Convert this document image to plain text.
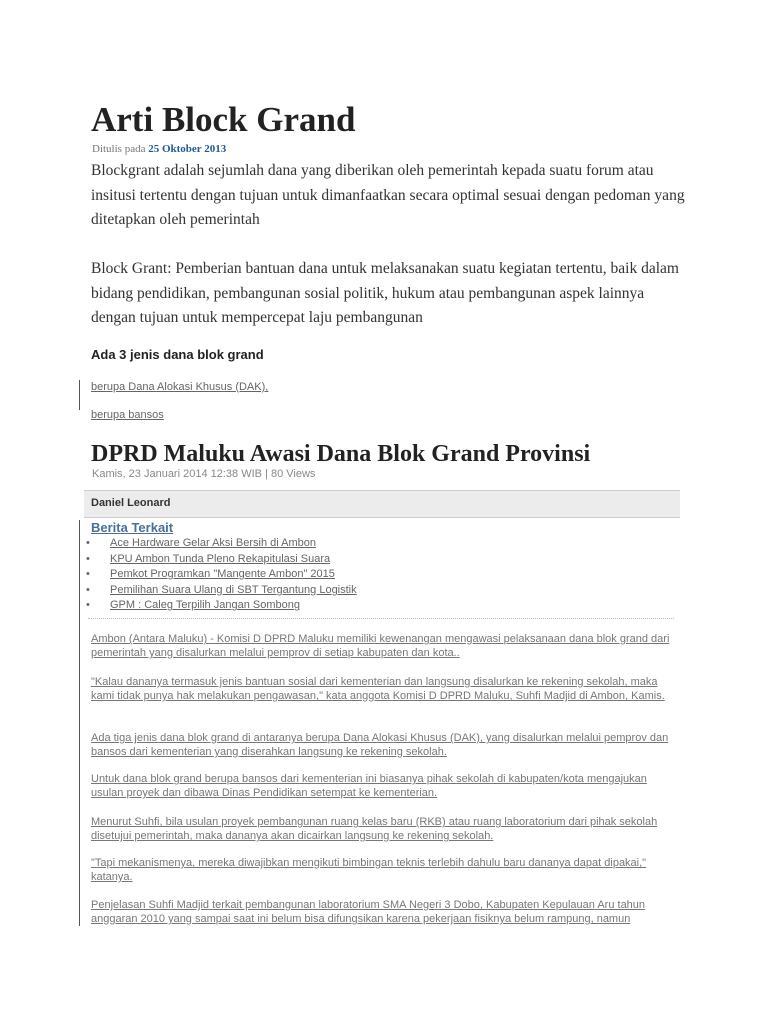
Arti Block Grand
Ditulis pada 25 Oktober 2013

Blockgrant adalah sejumlah dana yang diberikan oleh pemerintah kepada suatu forum atau insitusi tertentu dengan tujuan untuk dimanfaatkan secara optimal sesuai dengan pedoman yang ditetapkan oleh pemerintah

Block Grant: Pemberian bantuan dana untuk melaksanakan suatu kegiatan tertentu, baik dalam bidang pendidikan, pembangunan sosial politik, hukum atau pembangunan aspek lainnya dengan tujuan untuk mempercepat laju pembangunan

Ada 3 jenis dana blok grand
berupa Dana Alokasi Khusus (DAK),
berupa bansos
DPRD Maluku Awasi Dana Blok Grand Provinsi
Kamis, 23 Januari 2014 12:38 WIB | 80 Views
Daniel Leonard
Berita Terkait
•	Ace Hardware Gelar Aksi Bersih di Ambon
•	KPU Ambon Tunda Pleno Rekapitulasi Suara
•	Pemkot Programkan "Mangente Ambon" 2015
•	Pemilihan Suara Ulang di SBT Tergantung Logistik
•	GPM : Caleg Terpilih Jangan Sombong

Ambon (Antara Maluku) - Komisi D DPRD Maluku memiliki kewenangan mengawasi pelaksanaan dana blok grand dari pemerintah yang disalurkan melalui pemprov di setiap kabupaten dan kota..

"Kalau dananya termasuk jenis bantuan sosial dari kementerian dan langsung disalurkan ke rekening sekolah, maka kami tidak punya hak melakukan pengawasan," kata anggota Komisi D DPRD Maluku, Suhfi Madjid di Ambon, Kamis.

Ada tiga jenis dana blok grand di antaranya berupa Dana Alokasi Khusus (DAK), yang disalurkan melalui pemprov dan bansos dari kementerian yang diserahkan langsung ke rekening sekolah.

Untuk dana blok grand berupa bansos dari kementerian ini biasanya pihak sekolah di kabupaten/kota mengajukan usulan proyek dan dibawa Dinas Pendidikan setempat ke kementerian.

Menurut Suhfi, bila usulan proyek pembangunan ruang kelas baru (RKB) atau ruang laboratorium dari pihak sekolah disetujui pemerintah, maka dananya akan dicairkan langsung ke rekening sekolah.

"Tapi mekanismenya, mereka diwajibkan mengikuti bimbingan teknis terlebih dahulu baru dananya dapat dipakai," katanya.

Penjelasan Suhfi Madjid terkait pembangunan laboratorium SMA Negeri 3 Dobo, Kabupaten Kepulauan Aru tahun anggaran 2010 yang sampai saat ini belum bisa difungsikan karena pekerjaan fisiknya belum rampung, namun
